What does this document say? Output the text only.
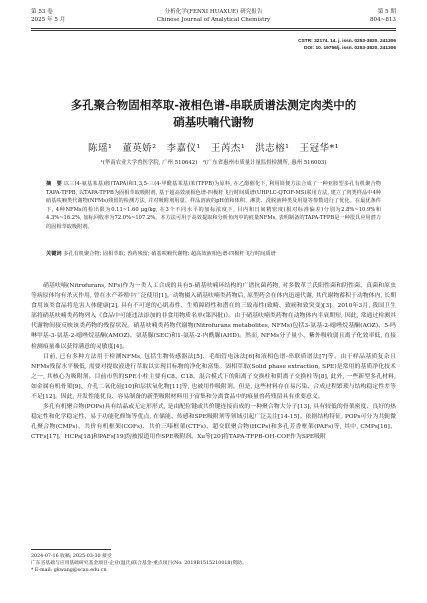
第 53 卷
2025 年 5 月
分析化学(FENXI HUAXUE) 研究报告
Chinese Journal of Analytical Chemistry
第 5 期
804~813
CSTR: 32174. 14. j. issn. 0253-3820. 241306
DOI: 10. 19756/j. issn. 0253-3820. 241306
多孔聚合物固相萃取-液相色谱-串联质谱法测定肉类中的
硝基呋喃代谢物
陈瑶¹　董英娇²　李嘉仪¹　王芮杰¹　洪志榕¹　王冠华*¹
¹(华南农业大学兽医学院, 广州 510642)　²(广东省惠州市质量计量监督检测所, 惠州 516003)
摘　要 以三(4-氨基苯基)胺(TAPA)和1,3,5-三(4-甲酰基苯基)苯(TFPB)为原料, 在乙醇催化下, 利用简便方法合成了一种亚胺型多孔有机聚合物TAPA-TFPB, 以TAPA-TFPB为固相萃取吸附剂, 基于超高效液相色谱-四极杆飞行时间质谱(UHPLC-QTOF-MS)联用方法, 建立了肉类样品中4种硝基呋喃类代谢物(NFMs)残留的检测方法, 并对吸附剂用量、样品溶液的pH值和体积、淋洗、洗脱液种类及用量等参数进行了优化。在最优条件下, 4种NFMs的检出限为0.11~1.60 μg/kg, 在3个不同水平的加标浓度下, 目内和日间精密度(相对标准偏差)分别为2.8%~10.9%和4.3%~16.2%, 加标回收率为72.0%~107.2%。本方法可用于高效提取和分析鱼肉中的痕量NFMs, 表明制备的TAPA-TFPB是一种很具应用潜力的固相萃取吸附剂。
关键词 多孔有机聚合物; 固相萃取; 兽药残留; 硝基呋喃代谢物; 超高效液相色谱-四极杆飞行时间质谱

硝基呋喃(Nitrofurans, NFs)作为一类人工合成的具有5-硝基呋喃环结构的广谱抗菌药物, 对多数革兰氏阳性菌和阴性菌、真菌和原虫等病原体均有杀灭作用, 曾在水产养殖中广泛使用[1]。动物摄入硝基呋喃类药物后, 原型药会在体内迅速代谢, 其代谢物蓄积于动物体内, 长期食用该类食品将危害人体健康[2], 具有不可逆的心肌毒性、生殖障碍性和潜在的三致毒性(致畸、致癌和致突变)[3]。2010年3月, 我国卫生部将硝基呋喃类药物列入《食品中可能违法添加的非食用物质名单(第四批)》。由于硝基呋喃类药物在动物体内半衰期短, 因此, 常通过检测其代谢物间接反映该类药物的残留状况。硝基呋喃类药物代谢物(Nitrofurans metabolites, NFMs)包括3-氨基-2-噁唑烷基酮(AOZ)、5-吗啉甲基-3-氨基-2-噁唑烷基酮(AMOZ)、氨基脲(SEC)和1-氨基-2-内酰脲(AHD)。然而, NFMs分子量小、紫外吸收弱且离子化效率低, 直接检测痕量难以获得满意的灵敏度[4]。

目前, 已有多种方法用于检测NFMs, 包括生物传感器法[5]、毛细管电泳法[6]和液相色谱-串联质谱法[7]等。由于样品基质复杂且NFMs残留水平极低, 需要对提取液进行萃取以实现目标物的净化和富集。固相萃取(Solid phase extraction, SPE)是常用的基质净化技术之一, 其核心为吸附剂。目前市售的SPE小柱主要有C8、C18、混合模式下的阳离子交换柱和阴离子交换柱等[8], 此外, 一些新型多孔材料, 如金属有机骨架[9]、介孔二氧化硅[10]和层状氧化物[11]等, 也被用作吸附剂。但是, 这些材料存在易污染、合成过程繁琐与结构稳定性差等不足[12]。因此, 开发性能优良、容易制备的新型吸附材料用于富集和分离食品中的痕量兽药残留具有重要意义。

多孔有机聚合物(POPs)具有结晶或无定形形式, 是由配位键或共价键连接而成的一种聚合物大分子[13], 具有较低的骨架密度、良好的热稳定性和化学稳定性、易于功能化修饰等优点, 在储能、传感和SPE吸附剂等领域引起广泛关注[14-15]。依据结构特征, POPs可分为共轭微孔聚合物(CMPs)、共价有机框架(COFs)、共价三嗪框架(CTFs)、超交联聚合物(HCPs)和多孔芳香框架(PAFs)等, 其中, CMPs[16]、CTFs[17]、HCPs[18]和PAFs[19]均被报道用作SPE吸附剂。Xu等[20]将TAPA-TFPB-OH-COF作为SPE吸附

2024-07-16 收稿; 2025-03-30 接受
广东省基础与应用基础研究基金项目-企业(温氏)联合基金-重点项目(No. 2019B1515210018)资助。
* E-mail: gkwang@scau.edu.cn
